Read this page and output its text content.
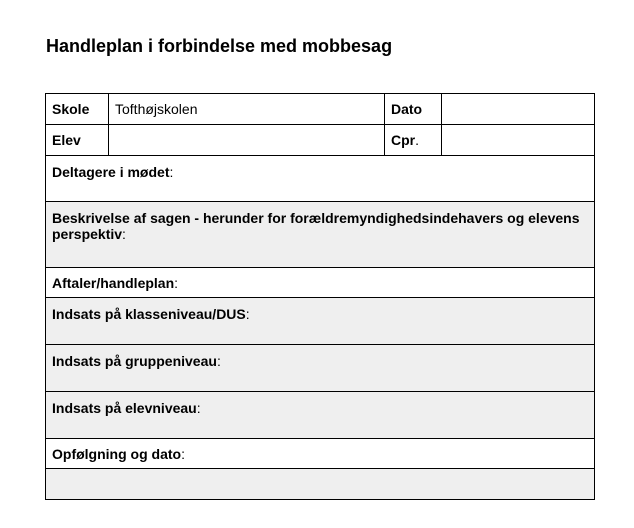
Handleplan i forbindelse med mobbesag
Skole	Tofthøjskolen	Dato	
Elev		Cpr.	
Deltagere i mødet:			
Beskrivelse af sagen - herunder for forældremyndighedsindehavers og elevens perspektiv:			
Aftaler/handleplan:			
Indsats på klasseniveau/DUS:			
Indsats på gruppeniveau:			
Indsats på elevniveau:			
Opfølgning og dato:			
